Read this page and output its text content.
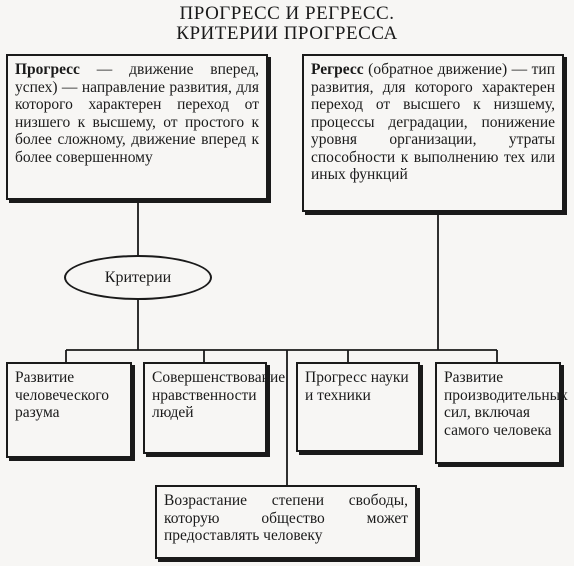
ПРОГРЕСС И РЕГРЕСС.
КРИТЕРИИ ПРОГРЕССА
Прогресс — движение вперед, успех) — направление развития, для которого характерен переход от низшего к высшему, от простого к более сложному, движение вперед к более совершенному
Регресс (обратное движение) — тип развития, для которого характерен переход от высшего к низшему, процессы деградации, понижение уровня организации, утраты способности к выполнению тех или иных функций
Критерии
Развитие человеческого разума
Совершенствование нравственности людей
Прогресс науки и техники
Развитие производительных сил, включая самого человека
Возрастание степени свободы, которую общество может предоставлять человеку
